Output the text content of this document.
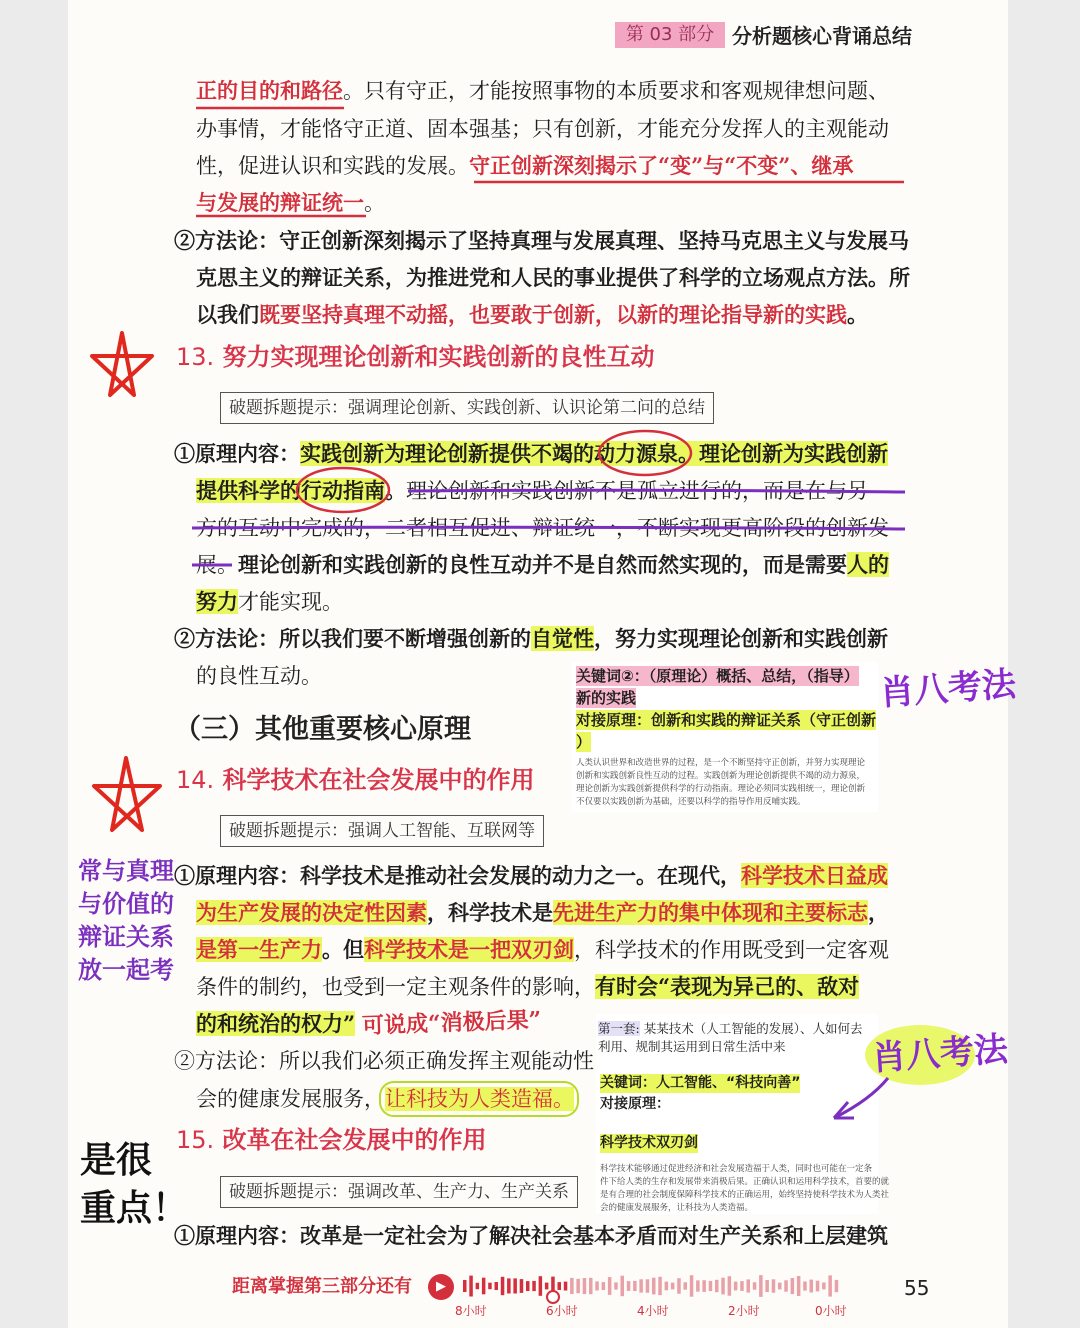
第 03 部分 分析题核心背诵总结
正的目的和路径。只有守正，才能按照事物的本质要求和客观规律想问题、
办事情，才能恪守正道、固本强基；只有创新，才能充分发挥人的主观能动
性，促进认识和实践的发展。守正创新深刻揭示了“变”与“不变”、继承
与发展的辩证统一。
②方法论：守正创新深刻揭示了坚持真理与发展真理、坚持马克思主义与发展马
克思主义的辩证关系，为推进党和人民的事业提供了科学的立场观点方法。所
以我们既要坚持真理不动摇，也要敢于创新，以新的理论指导新的实践。
13. 努力实现理论创新和实践创新的良性互动
破题拆题提示：强调理论创新、实践创新、认识论第二问的总结
①原理内容：实践创新为理论创新提供不竭的动力源泉。理论创新为实践创新
提供科学的行动指南。理论创新和实践创新不是孤立进行的，而是在与另
方的互动中完成的，二者相互促进、辩证统一，不断实现更高阶段的创新发
展。理论创新和实践创新的良性互动并不是自然而然实现的，而是需要人的
努力才能实现。
②方法论：所以我们要不断增强创新的自觉性，努力实现理论创新和实践创新
的良性互动。	关键词②：（原理论）概括、总结，（指导）
新的实践
对接原理：创新和实践的辩证关系（守正创新
）
人类认识世界和改造世界的过程，是一个不断坚持守正创新，并努力实现理论
创新和实践创新良性互动的过程。实践创新为理论创新提供不竭的动力源泉，
理论创新为实践创新提供科学的行动指南。理论必须同实践相统一，理论创新
不仅要以实践创新为基础，还要以科学的指导作用反哺实践。
（三）其他重要核心原理
14. 科学技术在社会发展中的作用
破题拆题提示：强调人工智能、互联网等
①原理内容：科学技术是推动社会发展的动力之一。在现代，科学技术日益成
为生产发展的决定性因素，科学技术是先进生产力的集中体现和主要标志，
是第一生产力。但科学技术是一把双刃剑，科学技术的作用既受到一定客观
条件的制约，也受到一定主观条件的影响，有时会“表现为异己的、敌对
的和统治的权力”
②方法论：所以我们必须正确发挥主观能动性
会的健康发展服务，让科技为人类造福。
第一套: 某某技术（人工智能的发展）、人如何去
利用、规制其运用到日常生活中来
关键词：人工智能、“科技向善”
对接原理：
科学技术双刃剑
科学技术能够通过促进经济和社会发展造福于人类，同时也可能在一定条
件下给人类的生存和发展带来消极后果。正确认识和运用科学技术，首要的就
是有合理的社会制度保障科学技术的正确运用，始终坚持使科学技术为人类社
会的健康发展服务，让科技为人类造福。
15. 改革在社会发展中的作用
破题拆题提示：强调改革、生产力、生产关系
①原理内容：改革是一定社会为了解决社会基本矛盾而对生产关系和上层建筑
肖八考法
肖八考法
常与真理
与价值的
辩证关系
放一起考
可说成“消极后果”
是很
重点！
距离掌握第三部分还有	▶
8小时	6小时	4小时	2小时	0小时
55
